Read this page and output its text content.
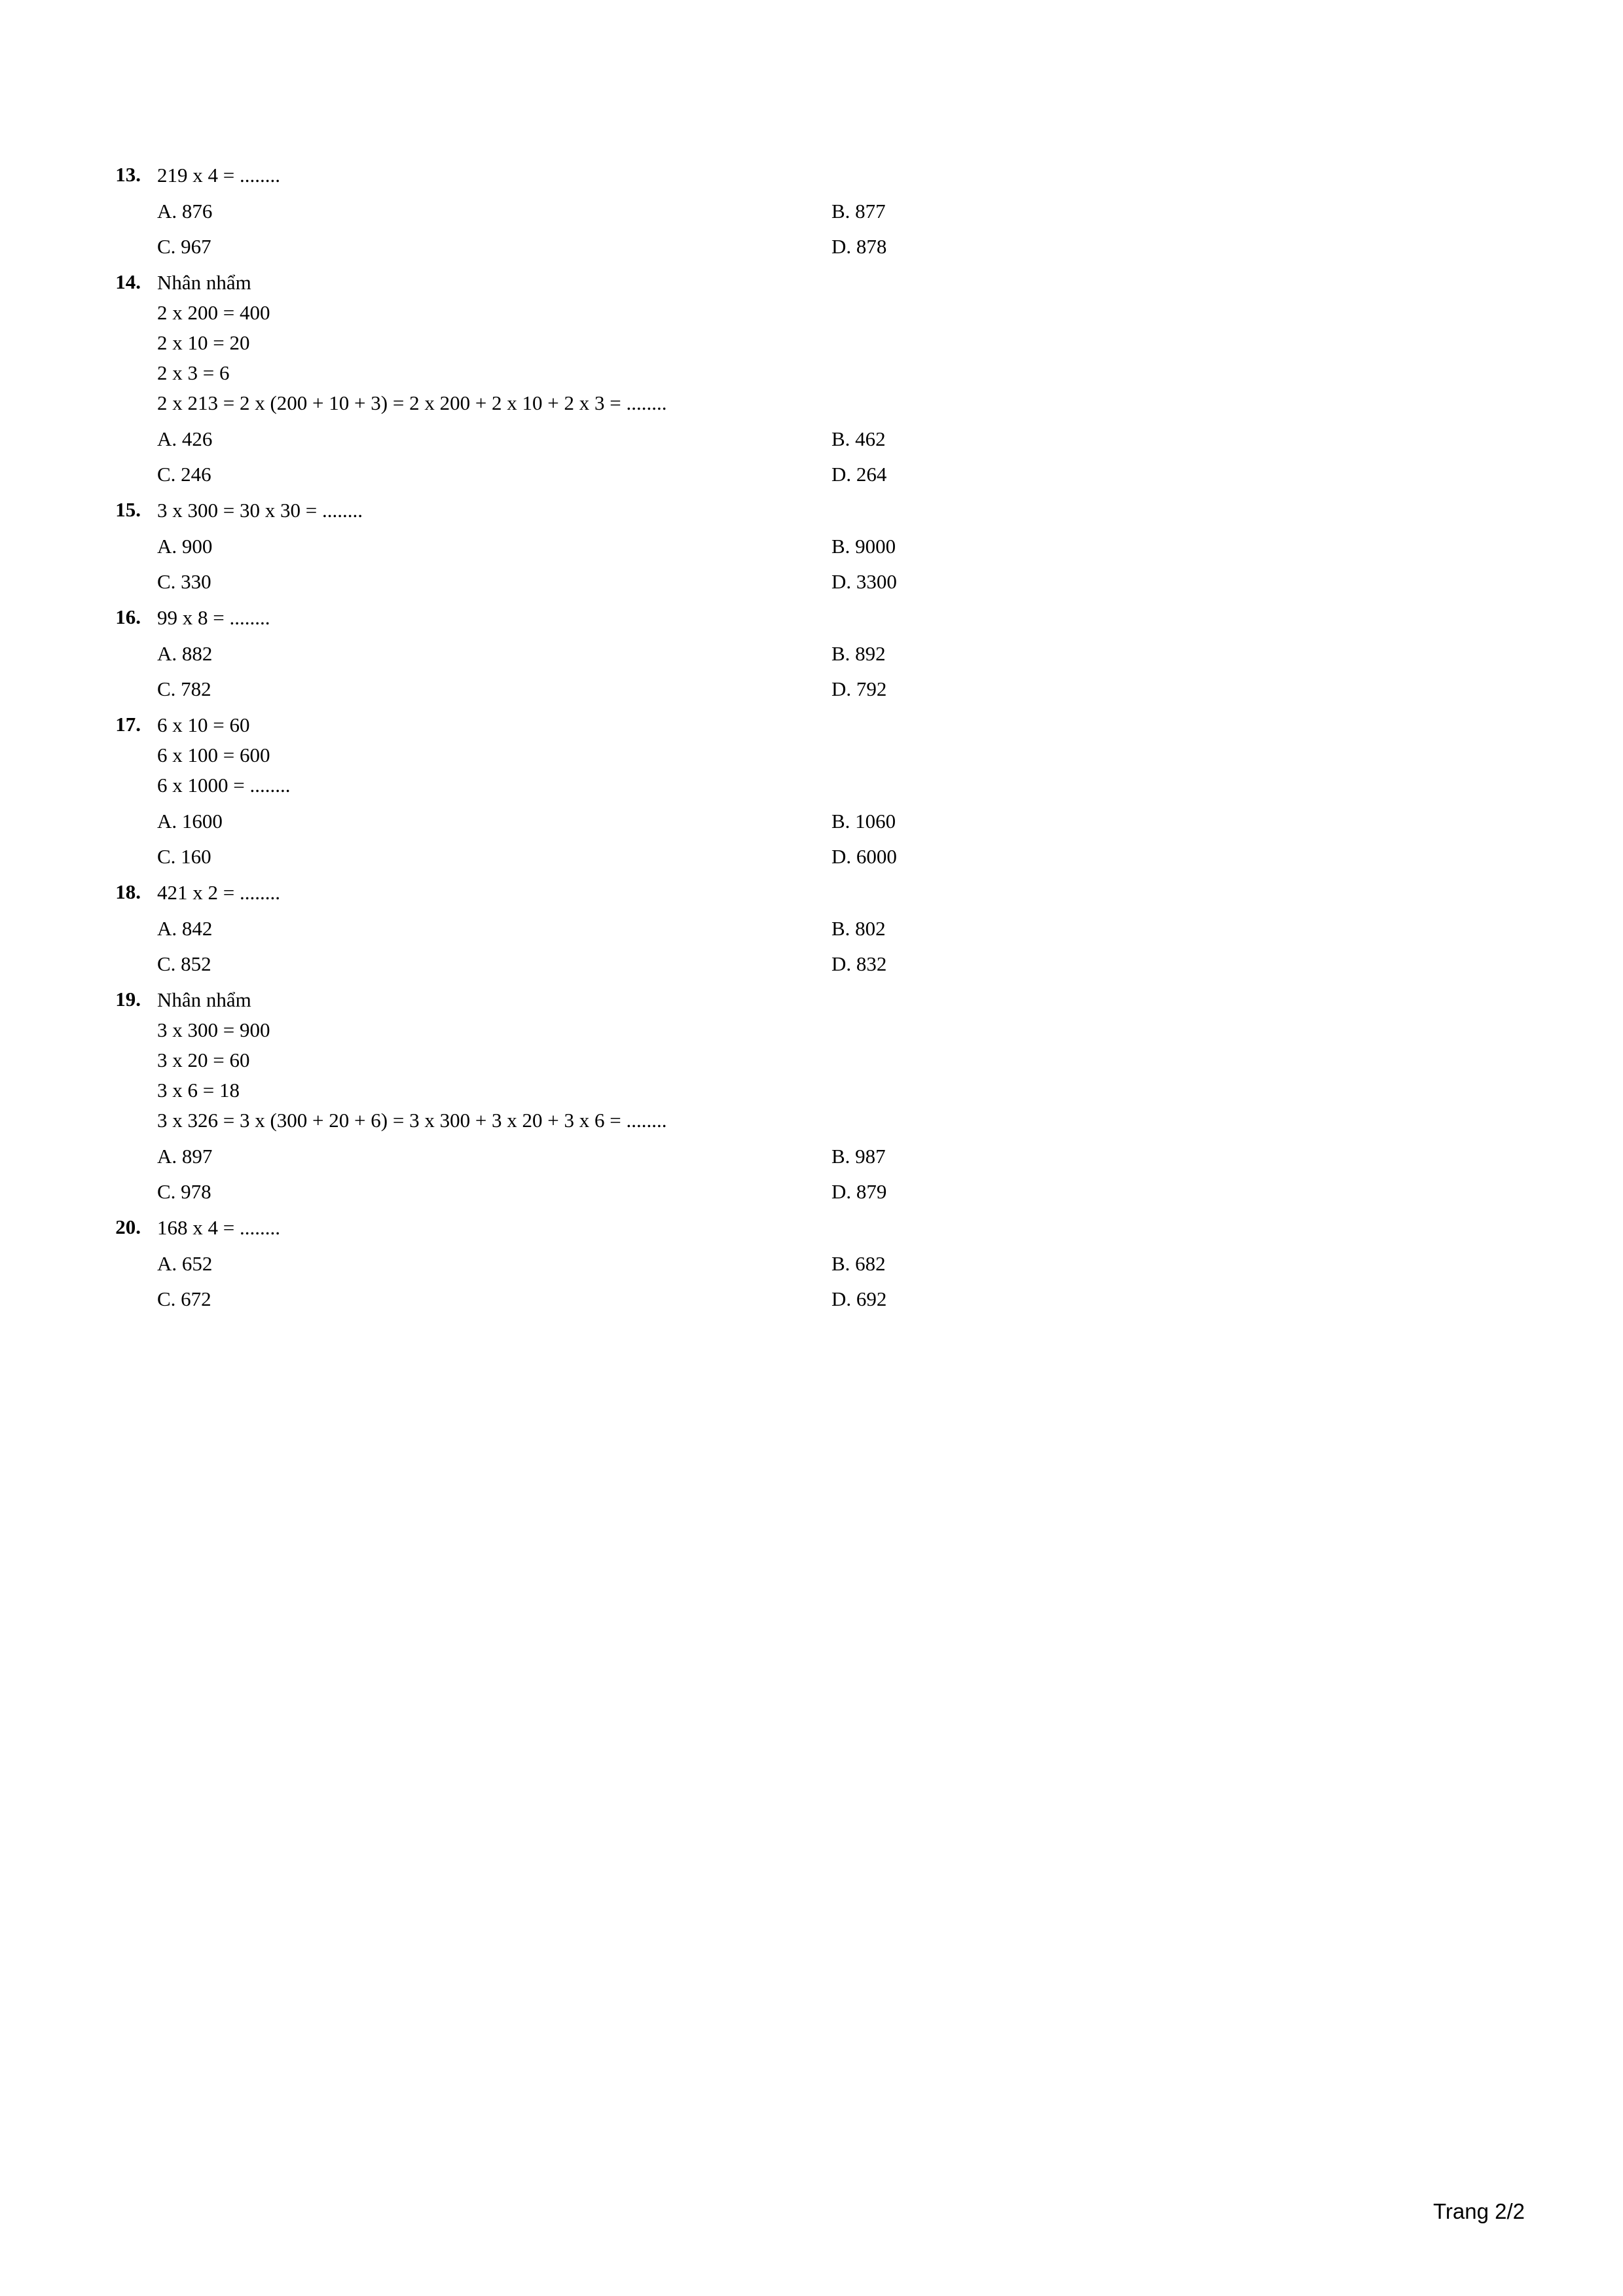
13. 219 x 4 = ........
A. 876	B. 877
C. 967	D. 878
14. Nhân nhẩm
2 x 200 = 400
2 x 10 = 20
2 x 3 = 6
2 x 213 = 2 x (200 + 10 + 3) = 2 x 200 + 2 x 10 + 2 x 3 = ........
A. 426	B. 462
C. 246	D. 264
15. 3 x 300 = 30 x 30 = ........
A. 900	B. 9000
C. 330	D. 3300
16. 99 x 8 = ........
A. 882	B. 892
C. 782	D. 792
17. 6 x 10 = 60
6 x 100 = 600
6 x 1000 = ........
A. 1600	B. 1060
C. 160	D. 6000
18. 421 x 2 = ........
A. 842	B. 802
C. 852	D. 832
19. Nhân nhẩm
3 x 300 = 900
3 x 20 = 60
3 x 6 = 18
3 x 326 = 3 x (300 + 20 + 6) = 3 x 300 + 3 x 20 + 3 x 6 = ........
A. 897	B. 987
C. 978	D. 879
20. 168 x 4 = ........
A. 652	B. 682
C. 672	D. 692
Trang 2/2
